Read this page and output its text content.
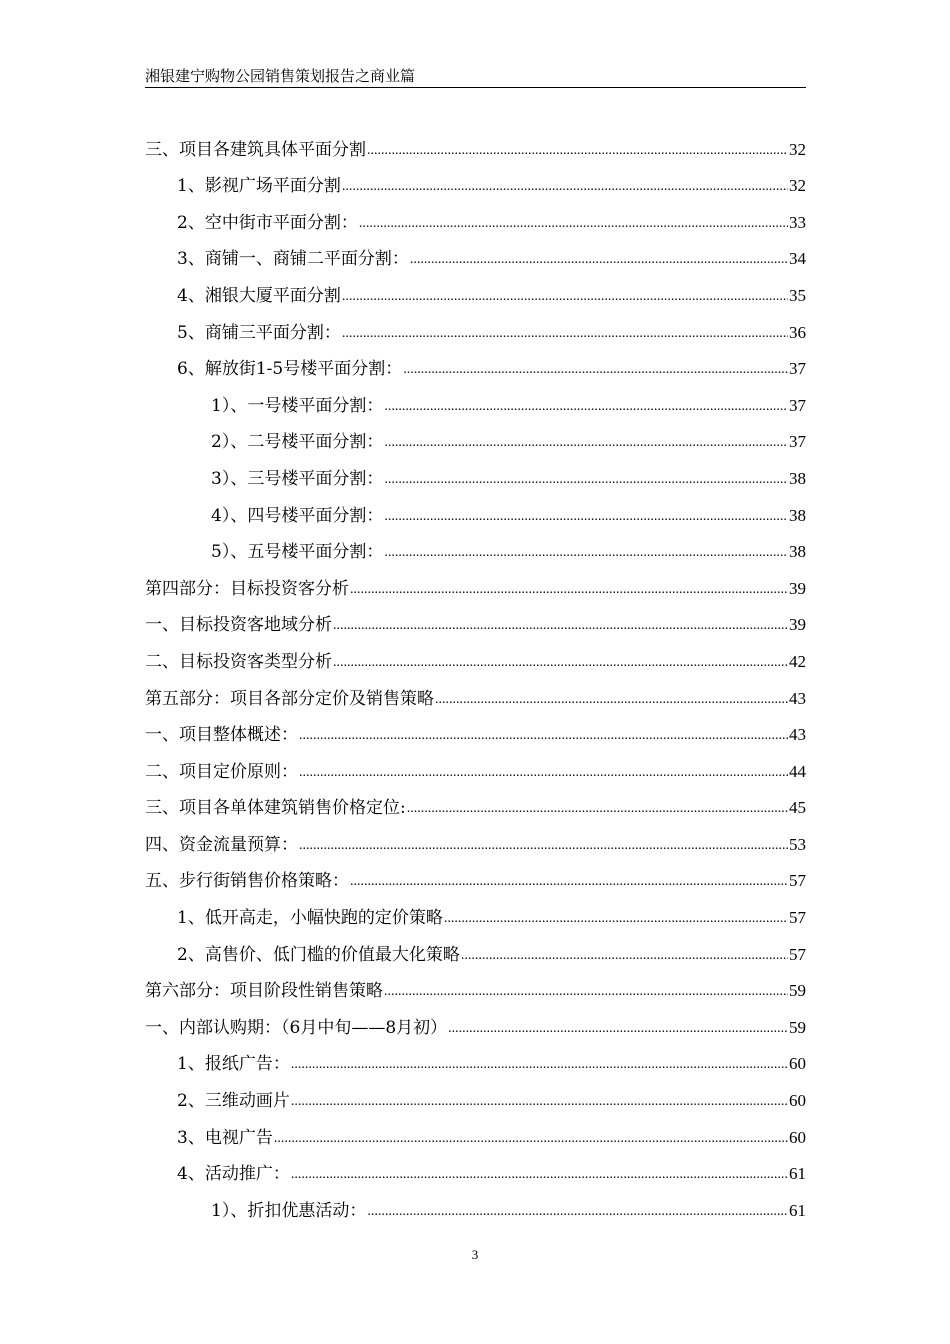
湘银建宁购物公园销售策划报告之商业篇
三、项目各建筑具体平面分割 .....	32
1、影视广场平面分割 .....	32
2、空中街市平面分割： .....	33
3、商铺一、商铺二平面分割： .....	34
4、湘银大厦平面分割 .....	35
5、商铺三平面分割： .....	36
6、解放街1-5号楼平面分割： .....	37
1）、一号楼平面分割： .....	37
2）、二号楼平面分割： .....	37
3）、三号楼平面分割： .....	38
4）、四号楼平面分割： .....	38
5）、五号楼平面分割： .....	38
第四部分：目标投资客分析 .....	39
一、目标投资客地域分析 .....	39
二、目标投资客类型分析 .....	42
第五部分：项目各部分定价及销售策略 .....	43
一、项目整体概述： .....	43
二、项目定价原则： .....	44
三、项目各单体建筑销售价格定位: .....	45
四、资金流量预算： .....	53
五、步行街销售价格策略： .....	57
1、低开高走，小幅快跑的定价策略 .....	57
2、高售价、低门槛的价值最大化策略 .....	57
第六部分：项目阶段性销售策略 .....	59
一、内部认购期：（6月中旬——8月初） .....	59
1、报纸广告： .....	60
2、三维动画片 .....	60
3、电视广告 .....	60
4、活动推广： .....	61
1）、折扣优惠活动： .....	61
3
